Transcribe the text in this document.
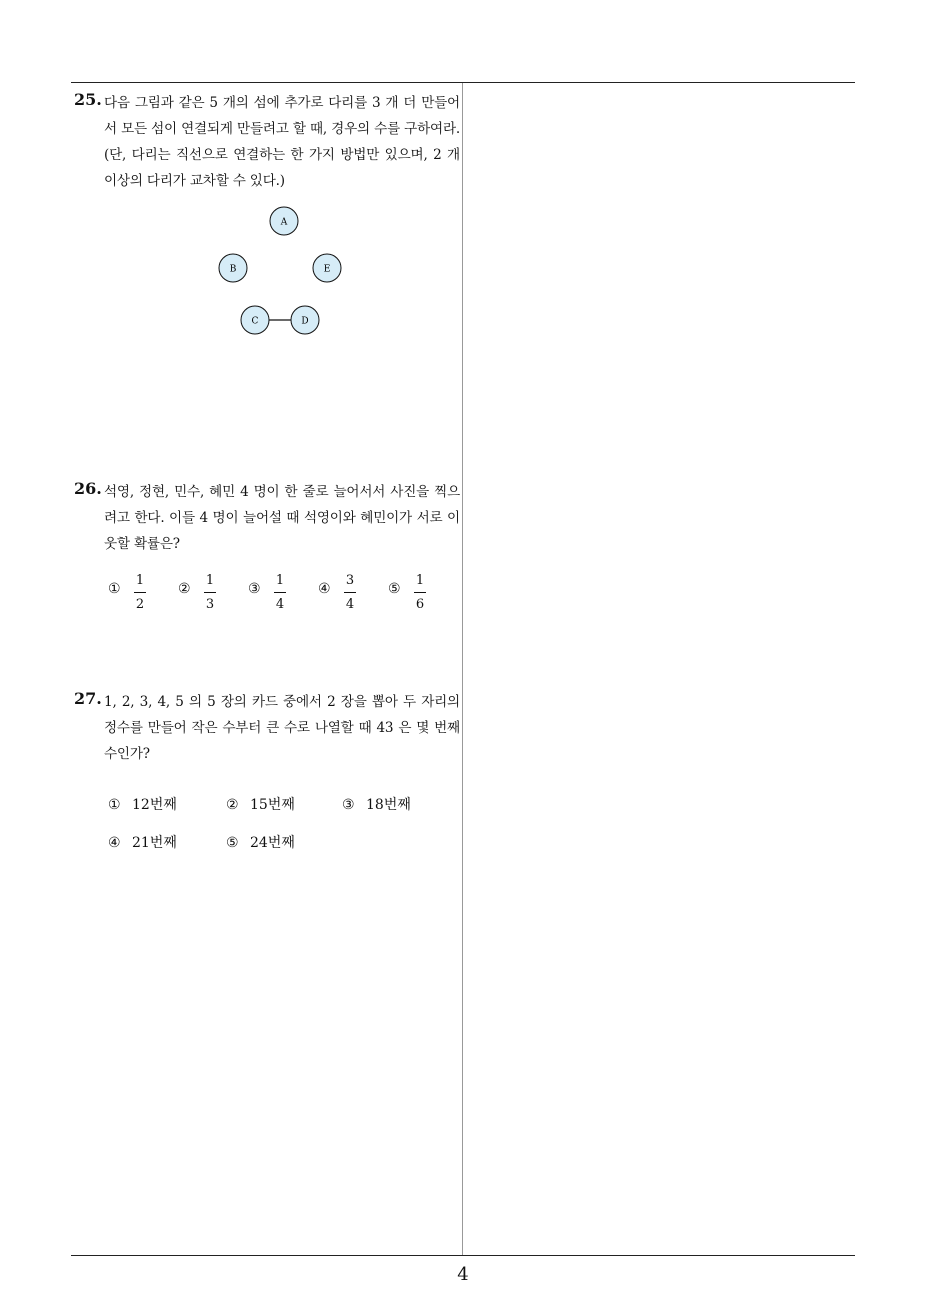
25. 다음 그림과 같은 5 개의 섬에 추가로 다리를 3 개 더 만들어서 모든 섬이 연결되게 만들려고 할 때, 경우의 수를 구하여라. (단, 다리는 직선으로 연결하는 한 가지 방법만 있으며, 2 개 이상의 다리가 교차할 수 있다.)
A
B	E
C	D
26. 석영, 정현, 민수, 혜민 4 명이 한 줄로 늘어서서 사진을 찍으려고 한다. 이들 4 명이 늘어설 때 석영이와 혜민이가 서로 이웃할 확률은?
①
1
2
②
1
3
③
1
4
④
3
4
⑤
1
6
27. 1, 2, 3, 4, 5 의 5 장의 카드 중에서 2 장을 뽑아 두 자리의 정수를 만들어 작은 수부터 큰 수로 나열할 때 43 은 몇 번째 수인가?
① 12번째	② 15번째	③ 18번째
④ 21번째	⑤ 24번째
4
